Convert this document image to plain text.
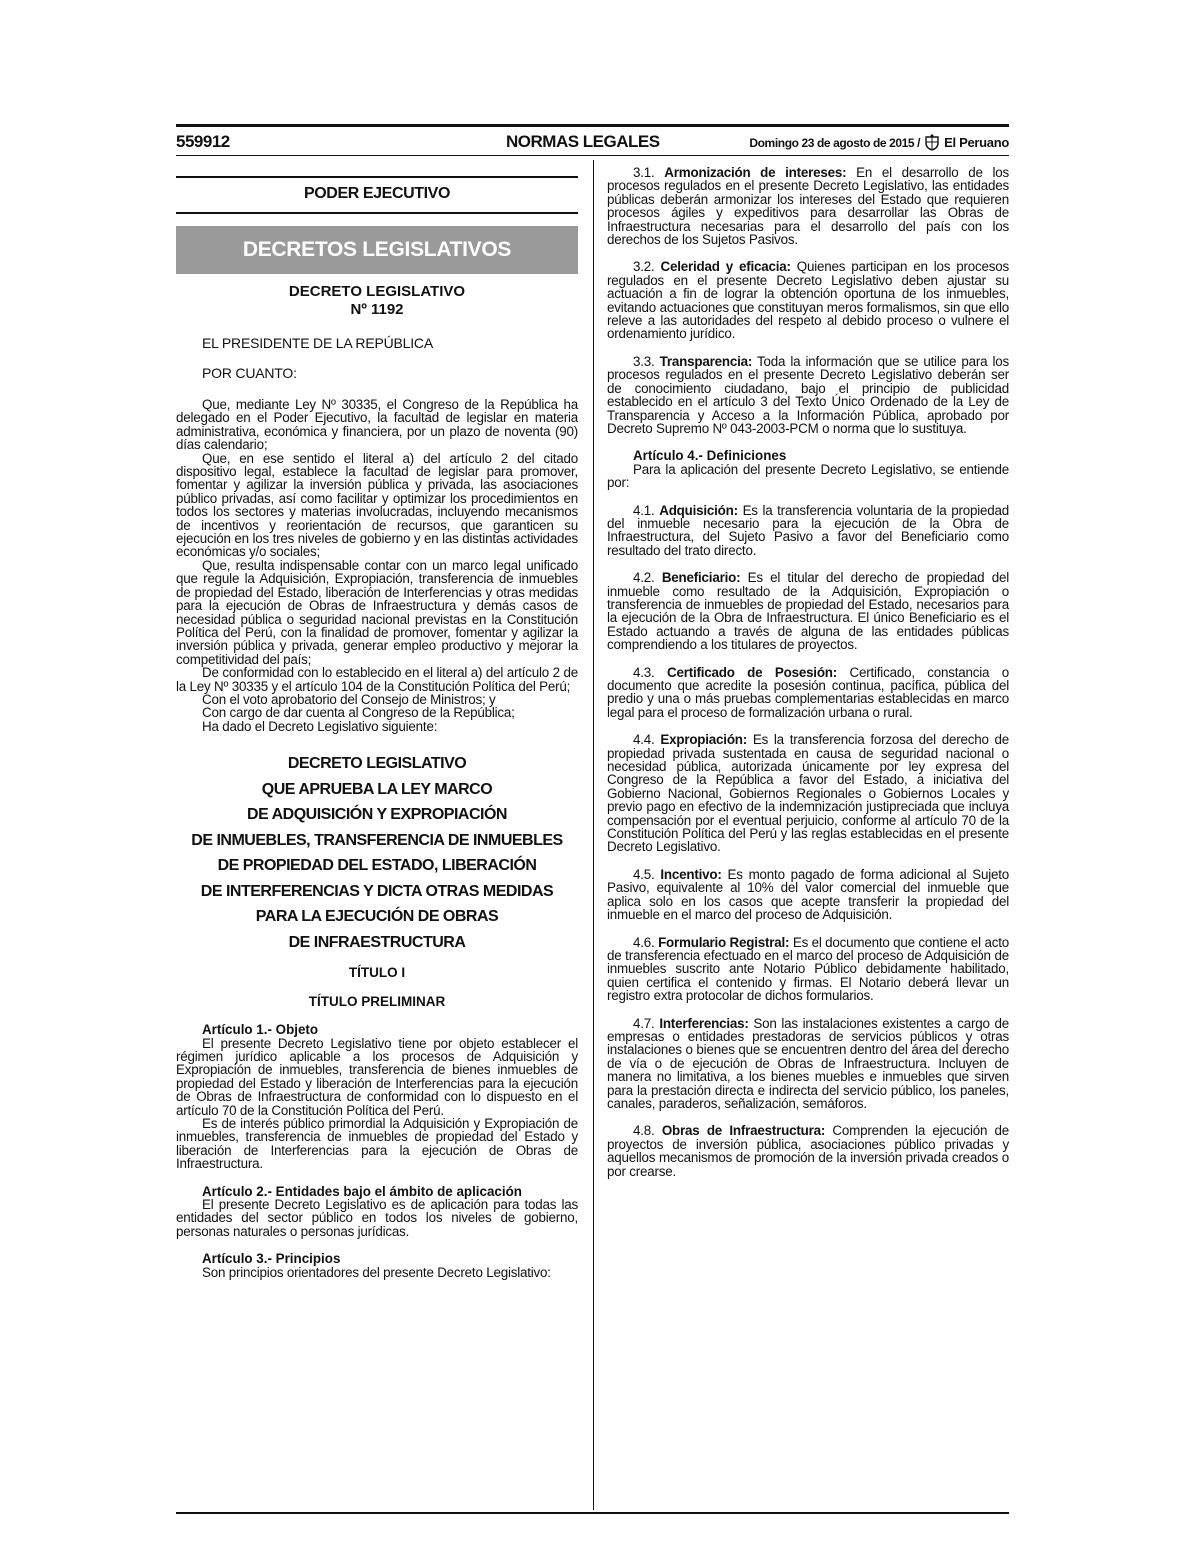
559912	NORMAS LEGALES	Domingo 23 de agosto de 2015 / El Peruano
PODER EJECUTIVO
DECRETOS LEGISLATIVOS
DECRETO LEGISLATIVO
Nº 1192

EL PRESIDENTE DE LA REPÚBLICA

POR CUANTO:

Que, mediante Ley Nº 30335, el Congreso de la República ha delegado en el Poder Ejecutivo, la facultad de legislar en materia administrativa, económica y financiera, por un plazo de noventa (90) días calendario;

Que, en ese sentido el literal a) del artículo 2 del citado dispositivo legal, establece la facultad de legislar para promover, fomentar y agilizar la inversión pública y privada, las asociaciones público privadas, así como facilitar y optimizar los procedimientos en todos los sectores y materias involucradas, incluyendo mecanismos de incentivos y reorientación de recursos, que garanticen su ejecución en los tres niveles de gobierno y en las distintas actividades económicas y/o sociales;

Que, resulta indispensable contar con un marco legal unificado que regule la Adquisición, Expropiación, transferencia de inmuebles de propiedad del Estado, liberación de Interferencias y otras medidas para la ejecución de Obras de Infraestructura y demás casos de necesidad pública o seguridad nacional previstas en la Constitución Política del Perú, con la finalidad de promover, fomentar y agilizar la inversión pública y privada, generar empleo productivo y mejorar la competitividad del país;

De conformidad con lo establecido en el literal a) del artículo 2 de la Ley Nº 30335 y el artículo 104 de la Constitución Política del Perú;

Con el voto aprobatorio del Consejo de Ministros; y

Con cargo de dar cuenta al Congreso de la República;

Ha dado el Decreto Legislativo siguiente:

DECRETO LEGISLATIVO
QUE APRUEBA LA LEY MARCO
DE ADQUISICIÓN Y EXPROPIACIÓN
DE INMUEBLES, TRANSFERENCIA DE INMUEBLES
DE PROPIEDAD DEL ESTADO, LIBERACIÓN
DE INTERFERENCIAS Y DICTA OTRAS MEDIDAS
PARA LA EJECUCIÓN DE OBRAS
DE INFRAESTRUCTURA
TÍTULO I
TÍTULO PRELIMINAR

Artículo 1.- Objeto

El presente Decreto Legislativo tiene por objeto establecer el régimen jurídico aplicable a los procesos de Adquisición y Expropiación de inmuebles, transferencia de bienes inmuebles de propiedad del Estado y liberación de Interferencias para la ejecución de Obras de Infraestructura de conformidad con lo dispuesto en el artículo 70 de la Constitución Política del Perú.

Es de interés público primordial la Adquisición y Expropiación de inmuebles, transferencia de inmuebles de propiedad del Estado y liberación de Interferencias para la ejecución de Obras de Infraestructura.

Artículo 2.- Entidades bajo el ámbito de aplicación

El presente Decreto Legislativo es de aplicación para todas las entidades del sector público en todos los niveles de gobierno, personas naturales o personas jurídicas.

Artículo 3.- Principios

Son principios orientadores del presente Decreto Legislativo:

3.1. Armonización de intereses: En el desarrollo de los procesos regulados en el presente Decreto Legislativo, las entidades públicas deberán armonizar los intereses del Estado que requieren procesos ágiles y expeditivos para desarrollar las Obras de Infraestructura necesarias para el desarrollo del país con los derechos de los Sujetos Pasivos.

3.2. Celeridad y eficacia: Quienes participan en los procesos regulados en el presente Decreto Legislativo deben ajustar su actuación a fin de lograr la obtención oportuna de los inmuebles, evitando actuaciones que constituyan meros formalismos, sin que ello releve a las autoridades del respeto al debido proceso o vulnere el ordenamiento jurídico.

3.3. Transparencia: Toda la información que se utilice para los procesos regulados en el presente Decreto Legislativo deberán ser de conocimiento ciudadano, bajo el principio de publicidad establecido en el artículo 3 del Texto Único Ordenado de la Ley de Transparencia y Acceso a la Información Pública, aprobado por Decreto Supremo Nº 043-2003-PCM o norma que lo sustituya.

Artículo 4.- Definiciones

Para la aplicación del presente Decreto Legislativo, se entiende por:

4.1. Adquisición: Es la transferencia voluntaria de la propiedad del inmueble necesario para la ejecución de la Obra de Infraestructura, del Sujeto Pasivo a favor del Beneficiario como resultado del trato directo.

4.2. Beneficiario: Es el titular del derecho de propiedad del inmueble como resultado de la Adquisición, Expropiación o transferencia de inmuebles de propiedad del Estado, necesarios para la ejecución de la Obra de Infraestructura. El único Beneficiario es el Estado actuando a través de alguna de las entidades públicas comprendiendo a los titulares de proyectos.

4.3. Certificado de Posesión: Certificado, constancia o documento que acredite la posesión continua, pacífica, pública del predio y una o más pruebas complementarias establecidas en marco legal para el proceso de formalización urbana o rural.

4.4. Expropiación: Es la transferencia forzosa del derecho de propiedad privada sustentada en causa de seguridad nacional o necesidad pública, autorizada únicamente por ley expresa del Congreso de la República a favor del Estado, a iniciativa del Gobierno Nacional, Gobiernos Regionales o Gobiernos Locales y previo pago en efectivo de la indemnización justipreciada que incluya compensación por el eventual perjuicio, conforme al artículo 70 de la Constitución Política del Perú y las reglas establecidas en el presente Decreto Legislativo.

4.5. Incentivo: Es monto pagado de forma adicional al Sujeto Pasivo, equivalente al 10% del valor comercial del inmueble que aplica solo en los casos que acepte transferir la propiedad del inmueble en el marco del proceso de Adquisición.

4.6. Formulario Registral: Es el documento que contiene el acto de transferencia efectuado en el marco del proceso de Adquisición de inmuebles suscrito ante Notario Público debidamente habilitado, quien certifica el contenido y firmas. El Notario deberá llevar un registro extra protocolar de dichos formularios.

4.7. Interferencias: Son las instalaciones existentes a cargo de empresas o entidades prestadoras de servicios públicos y otras instalaciones o bienes que se encuentren dentro del área del derecho de vía o de ejecución de Obras de Infraestructura. Incluyen de manera no limitativa, a los bienes muebles e inmuebles que sirven para la prestación directa e indirecta del servicio público, los paneles, canales, paraderos, señalización, semáforos.

4.8. Obras de Infraestructura: Comprenden la ejecución de proyectos de inversión pública, asociaciones público privadas y aquellos mecanismos de promoción de la inversión privada creados o por crearse.
